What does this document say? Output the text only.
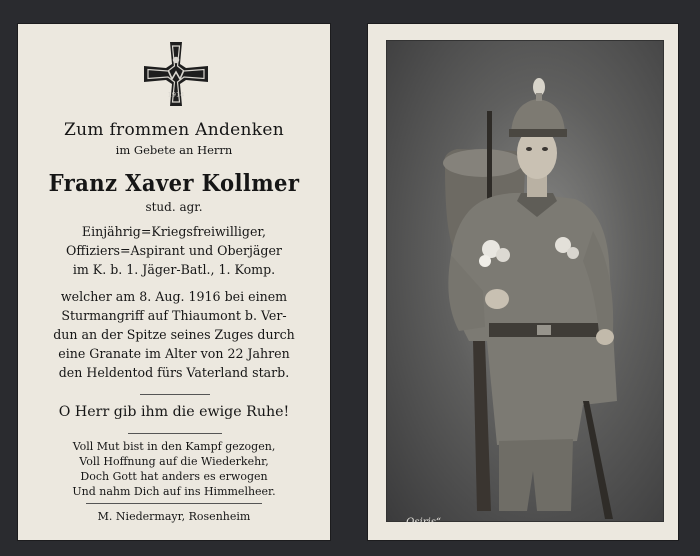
1914
Zum frommen Andenken
im Gebete an Herrn
Franz Xaver Kollmer
stud. agr.
Einjährig=Kriegsfreiwilliger,
Offiziers=Aspirant und Oberjäger
im K. b. 1. Jäger-Batl., 1. Komp.
welcher am 8. Aug. 1916 bei einem
Sturmangriff auf Thiaumont b. Ver-
dun an der Spitze seines Zuges durch
eine Granate im Alter von 22 Jahren
den Heldentod fürs Vaterland starb.
O Herr gib ihm die ewige Ruhe!
Voll Mut bist in den Kampf gezogen,
Voll Hoffnung auf die Wiederkehr,
Doch Gott hat anders es erwogen
Und nahm Dich auf ins Himmelheer.
M. Niedermayr, Rosenheim	„Osiris“
